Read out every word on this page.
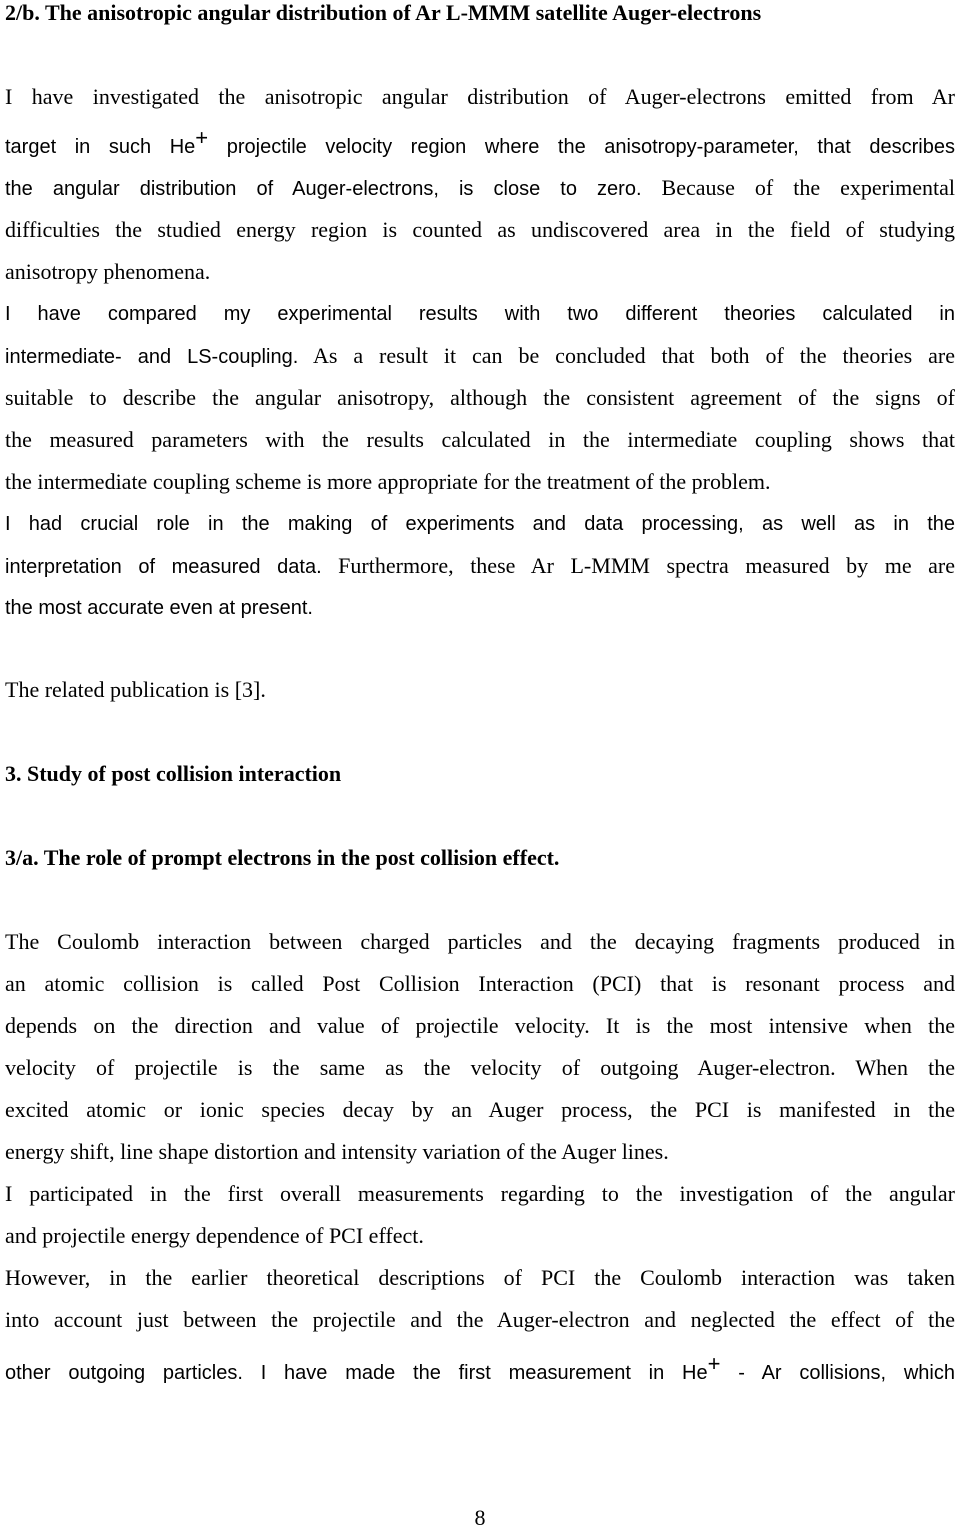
2/b. The anisotropic angular distribution of Ar L-MMM satellite Auger-electrons
I have investigated the anisotropic angular distribution of Auger-electrons emitted from Ar
target in such He+ projectile velocity region where the anisotropy-parameter, that describes
the angular distribution of Auger-electrons, is close to zero. Because of the experimental
difficulties the studied energy region is counted as undiscovered area in the field of studying
anisotropy phenomena.
I have compared my experimental results with two different theories calculated in
intermediate- and LS-coupling. As a result it can be concluded that both of the theories are
suitable to describe the angular anisotropy, although the consistent agreement of the signs of
the measured parameters with the results calculated in the intermediate coupling shows that
the intermediate coupling scheme is more appropriate for the treatment of the problem.
I had crucial role in the making of experiments and data processing, as well as in the
interpretation of measured data. Furthermore, these Ar L-MMM spectra measured by me are
the most accurate even at present.
The related publication is [3].
3. Study of post collision interaction
3/a. The role of prompt electrons in the post collision effect.
The Coulomb interaction between charged particles and the decaying fragments produced in
an atomic collision is called Post Collision Interaction (PCI) that is resonant process and
depends on the direction and value of projectile velocity. It is the most intensive when the
velocity of projectile is the same as the velocity of outgoing Auger-electron. When the
excited atomic or ionic species decay by an Auger process, the PCI is manifested in the
energy shift, line shape distortion and intensity variation of the Auger lines.
I participated in the first overall measurements regarding to the investigation of the angular
and projectile energy dependence of PCI effect.
However, in the earlier theoretical descriptions of PCI the Coulomb interaction was taken
into account just between the projectile and the Auger-electron and neglected the effect of the
other outgoing particles. I have made the first measurement in He+ - Ar collisions, which
8
